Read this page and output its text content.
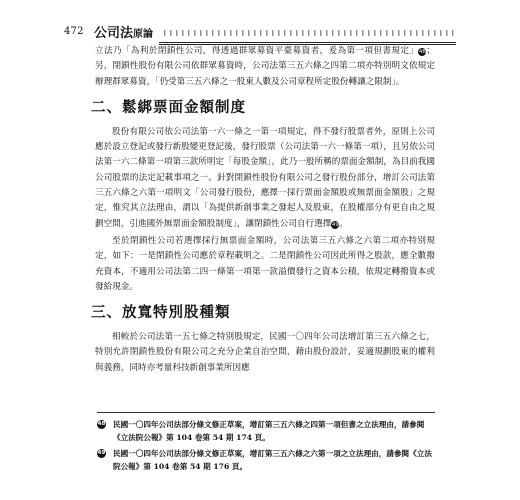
472 公司法原論

立法乃「為利於閉鎖性公司，得透過群眾募資平臺募資者，爰為第一項但書規定」48；另，閉鎖性股份有限公司依群眾募資時，公司法第三五六條之四第二項亦特別明文依規定辦理群眾募資，「仍受第三五六條之一股東人數及公司章程所定股份轉讓之限制」。

二、鬆綁票面金額制度

股份有限公司依公司法第一六一條之一第一項規定，得不發行股票者外，原則上公司應於設立登記或發行新股變更登記後，發行股票（公司法第一六一條第一項），且另依公司法第一六二條第一項第三款所明定「每股金額」，此乃一般所稱的票面金額制，為目前我國公司股票的法定記載事項之一。針對閉鎖性股份有限公司之發行股份部分，增訂公司法第三五六條之六第一項明文「公司發行股份，應擇一採行票面金額股或無票面金額股」之規定，惟究其立法理由，謂以「為提供新創事業之發起人及股東，在股權部分有更自由之規劃空間，引進國外無票面金額股制度」，讓閉鎖性公司自行選擇49。

至於閉鎖性公司若選擇採行無票面金額時，公司法第三五六條之六第二項亦特別規定，如下：一是閉鎖性公司應於章程載明之。二是閉鎖性公司因此所得之股款，應全數撥充資本，不適用公司法第二四一條第一項第一款溢價發行之資本公積，依規定轉撥資本或發給現金。

三、放寬特別股種類

相較於公司法第一五七條之特別股規定，民國一〇四年公司法增訂第三五六條之七，特別允許閉鎖性股份有限公司之充分企業自治空間，藉由股份設計，妥適規劃股東的權利與義務，同時亦考量科技新創事業所因應

48 民國一〇四年公司法部分條文修正草案，增訂第三五六條之四第一項但書之立法理由，請參閱《立法院公報》第 104 卷第 54 期 174 頁。
49 民國一〇四年公司法部分條文修正草案，增訂第三五六條之六第一項之立法理由，請參閱《立法院公報》第 104 卷第 54 期 176 頁。
